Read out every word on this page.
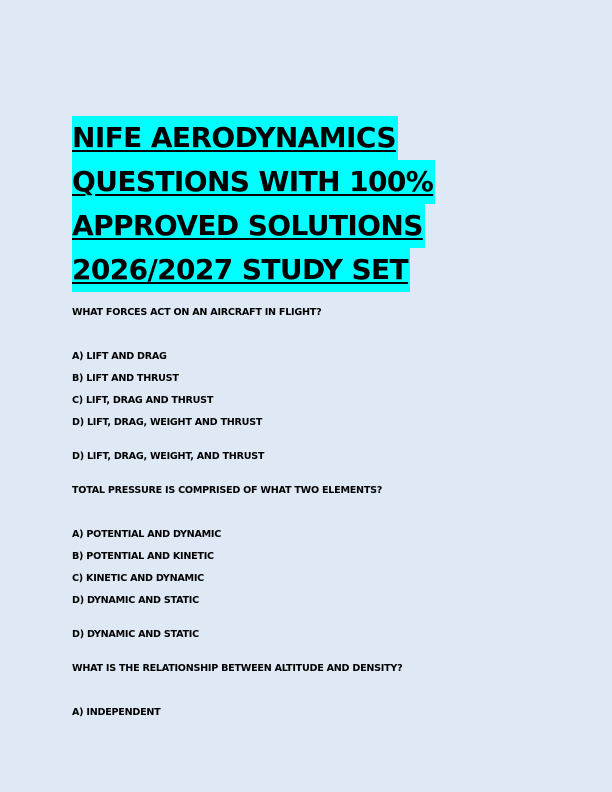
NIFE AERODYNAMICS
QUESTIONS WITH 100%
APPROVED SOLUTIONS
2026/2027 STUDY SET
WHAT FORCES ACT ON AN AIRCRAFT IN FLIGHT?
A) LIFT AND DRAG
B) LIFT AND THRUST
C) LIFT, DRAG AND THRUST
D) LIFT, DRAG, WEIGHT AND THRUST
D) LIFT, DRAG, WEIGHT, AND THRUST
TOTAL PRESSURE IS COMPRISED OF WHAT TWO ELEMENTS?
A) POTENTIAL AND DYNAMIC
B) POTENTIAL AND KINETIC
C) KINETIC AND DYNAMIC
D) DYNAMIC AND STATIC
D) DYNAMIC AND STATIC
WHAT IS THE RELATIONSHIP BETWEEN ALTITUDE AND DENSITY?
A) INDEPENDENT
